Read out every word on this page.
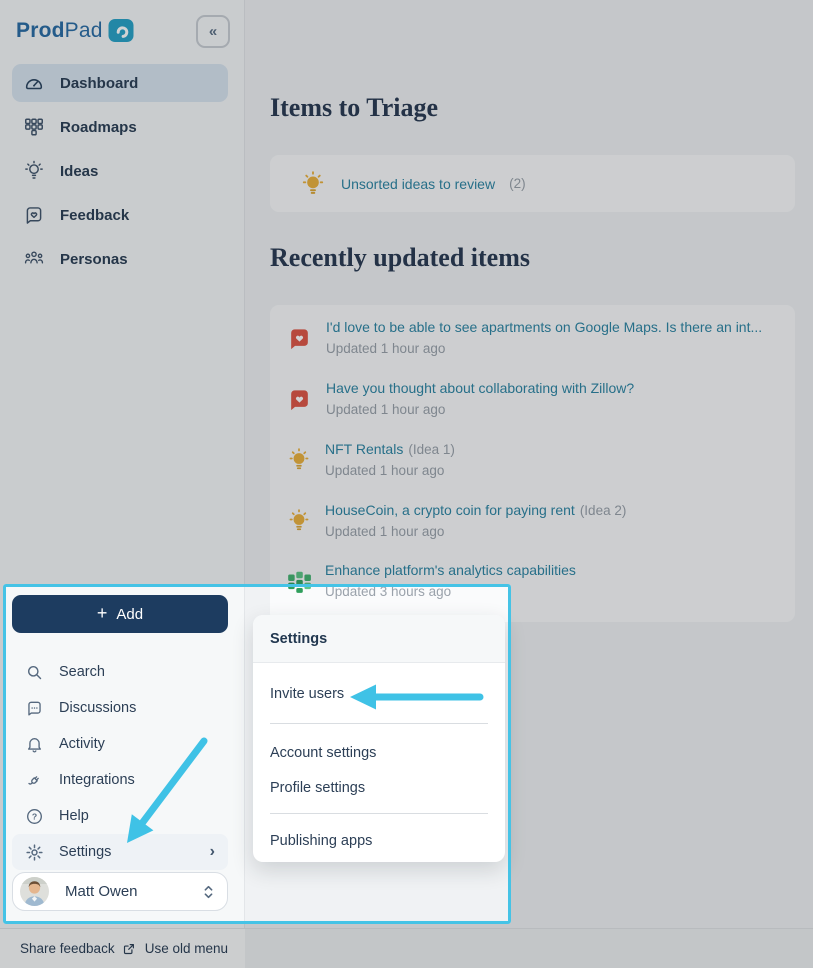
Prod Pad	«
Dashboard
Roadmaps
Ideas
Feedback
Personas
+ Add
Search
Discussions
Activity
Integrations
? Help
Settings	›
Matt Owen
Items to Triage
Unsorted ideas to review (2)
Recently updated items
I'd love to be able to see apartments on Google Maps. Is there an int...
Updated 1 hour ago
Have you thought about collaborating with Zillow?
Updated 1 hour ago
NFT Rentals (Idea 1)
Updated 1 hour ago
HouseCoin, a crypto coin for paying rent (Idea 2)
Updated 1 hour ago
Enhance platform's analytics capabilities
Updated 3 hours ago
Settings
Invite users
Account settings
Profile settings
Publishing apps
Share feedback Use old menu
